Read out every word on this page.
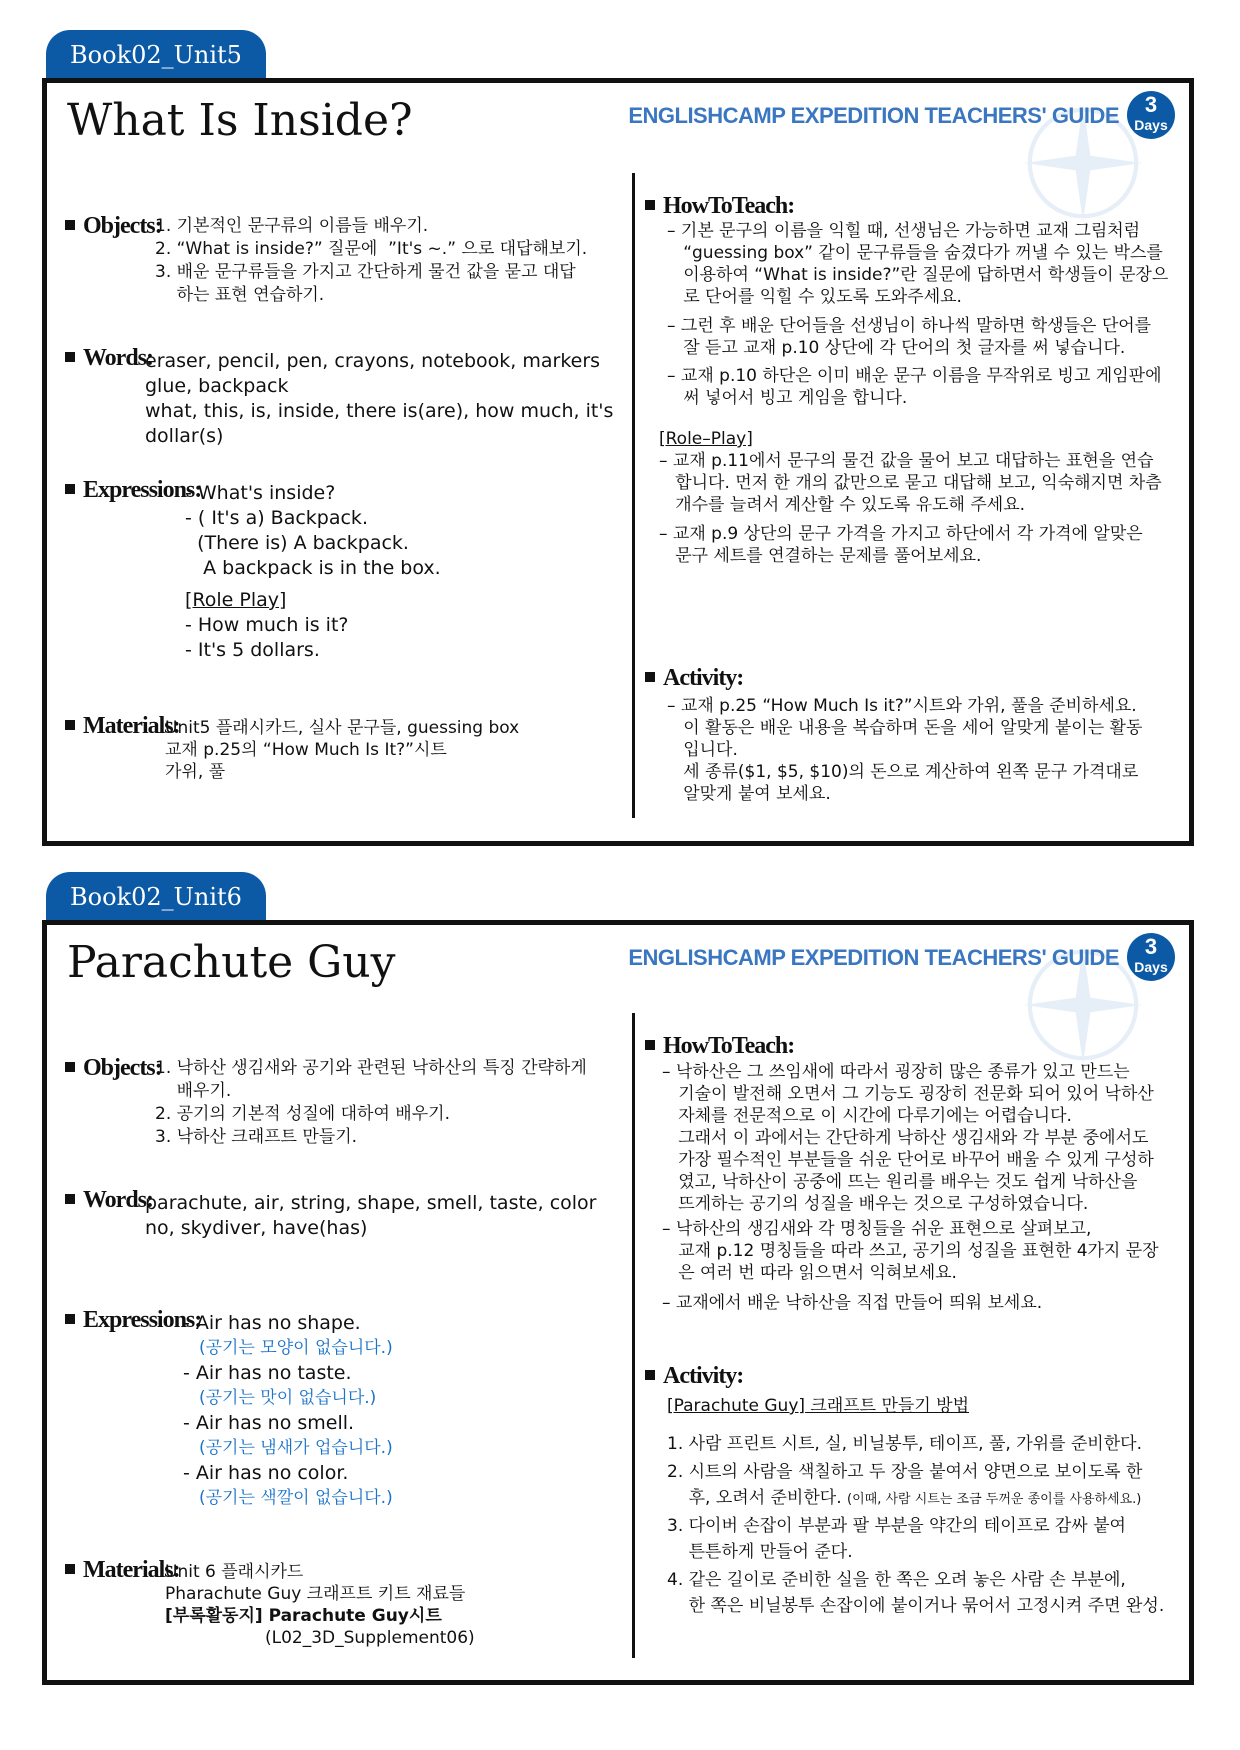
Book02_Unit5
What Is Inside?	ENGLISHCAMP EXPEDITION TEACHERS' GUIDE	3
Days
Objects:
1. 기본적인 문구류의 이름들 배우기.
2. “What is inside?” 질문에  ”It's ~.” 으로 대답해보기.
3. 배운 문구류들을 가지고 간단하게 물건 값을 묻고 대답
하는 표현 연습하기.
Words:
eraser, pencil, pen, crayons, notebook, markers
glue, backpack
what, this, is, inside, there is(are), how much, it's
dollar(s)
Expressions:
- What's inside?
- ( It's a) Backpack.
(There is) A backpack.
A backpack is in the box.
[Role Play]
- How much is it?
- It's 5 dollars.
Materials:
Unit5 플래시카드, 실사 문구들, guessing box
교재 p.25의 “How Much Is It?”시트
가위, 풀
HowToTeach:
– 기본 문구의 이름을 익힐 때, 선생님은 가능하면 교재 그림처럼
“guessing box” 같이 문구류들을 숨겼다가 꺼낼 수 있는 박스를
이용하여 “What is inside?”란 질문에 답하면서 학생들이 문장으
로 단어를 익힐 수 있도록 도와주세요.
– 그런 후 배운 단어들을 선생님이 하나씩 말하면 학생들은 단어를
잘 듣고 교재 p.10 상단에 각 단어의 첫 글자를 써 넣습니다.
– 교재 p.10 하단은 이미 배운 문구 이름을 무작위로 빙고 게임판에
써 넣어서 빙고 게임을 합니다.
[Role–Play]
– 교재 p.11에서 문구의 물건 값을 물어 보고 대답하는 표현을 연습
합니다. 먼저 한 개의 값만으로 묻고 대답해 보고, 익숙해지면 차츰
개수를 늘려서 계산할 수 있도록 유도해 주세요.
– 교재 p.9 상단의 문구 가격을 가지고 하단에서 각 가격에 알맞은
문구 세트를 연결하는 문제를 풀어보세요.
Activity:
– 교재 p.25 “How Much Is it?”시트와 가위, 풀을 준비하세요.
이 활동은 배운 내용을 복습하며 돈을 세어 알맞게 붙이는 활동
입니다.
세 종류($1, $5, $10)의 돈으로 계산하여 왼쪽 문구 가격대로
알맞게 붙여 보세요.
Book02_Unit6
Parachute Guy	ENGLISHCAMP EXPEDITION TEACHERS' GUIDE	3
Days
Objects:
1. 낙하산 생김새와 공기와 관련된 낙하산의 특징 간략하게
배우기.
2. 공기의 기본적 성질에 대하여 배우기.
3. 낙하산 크래프트 만들기.
Words:
parachute, air, string, shape, smell, taste, color
no, skydiver, have(has)
Expressions:
- Air has no shape.
(공기는 모양이 없습니다.)
- Air has no taste.
(공기는 맛이 없습니다.)
- Air has no smell.
(공기는 냄새가 업습니다.)
- Air has no color.
(공기는 색깔이 없습니다.)
Materials:
Unit 6 플래시카드
Pharachute Guy 크래프트 키트 재료들
[부록활동지] Parachute Guy시트
(L02_3D_Supplement06)
HowToTeach:
– 낙하산은 그 쓰임새에 따라서 굉장히 많은 종류가 있고 만드는
기술이 발전해 오면서 그 기능도 굉장히 전문화 되어 있어 낙하산
자체를 전문적으로 이 시간에 다루기에는 어렵습니다.
그래서 이 과에서는 간단하게 낙하산 생김새와 각 부분 중에서도
가장 필수적인 부분들을 쉬운 단어로 바꾸어 배울 수 있게 구성하
였고, 낙하산이 공중에 뜨는 원리를 배우는 것도 쉽게 낙하산을
뜨게하는 공기의 성질을 배우는 것으로 구성하였습니다.
– 낙하산의 생김새와 각 명칭들을 쉬운 표현으로 살펴보고,
교재 p.12 명칭들을 따라 쓰고, 공기의 성질을 표현한 4가지 문장
은 여러 번 따라 읽으면서 익혀보세요.
– 교재에서 배운 낙하산을 직접 만들어 띄워 보세요.
Activity:
[Parachute Guy] 크래프트 만들기 방법
1. 사람 프린트 시트, 실, 비닐봉투, 테이프, 풀, 가위를 준비한다.
2. 시트의 사람을 색칠하고 두 장을 붙여서 양면으로 보이도록 한
후, 오려서 준비한다. (이때, 사람 시트는 조금 두꺼운 종이를 사용하세요.)
3. 다이버 손잡이 부분과 팔 부분을 약간의 테이프로 감싸 붙여
튼튼하게 만들어 준다.
4. 같은 길이로 준비한 실을 한 쪽은 오려 놓은 사람 손 부분에,
한 쪽은 비닐봉투 손잡이에 붙이거나 묶어서 고정시켜 주면 완성.
